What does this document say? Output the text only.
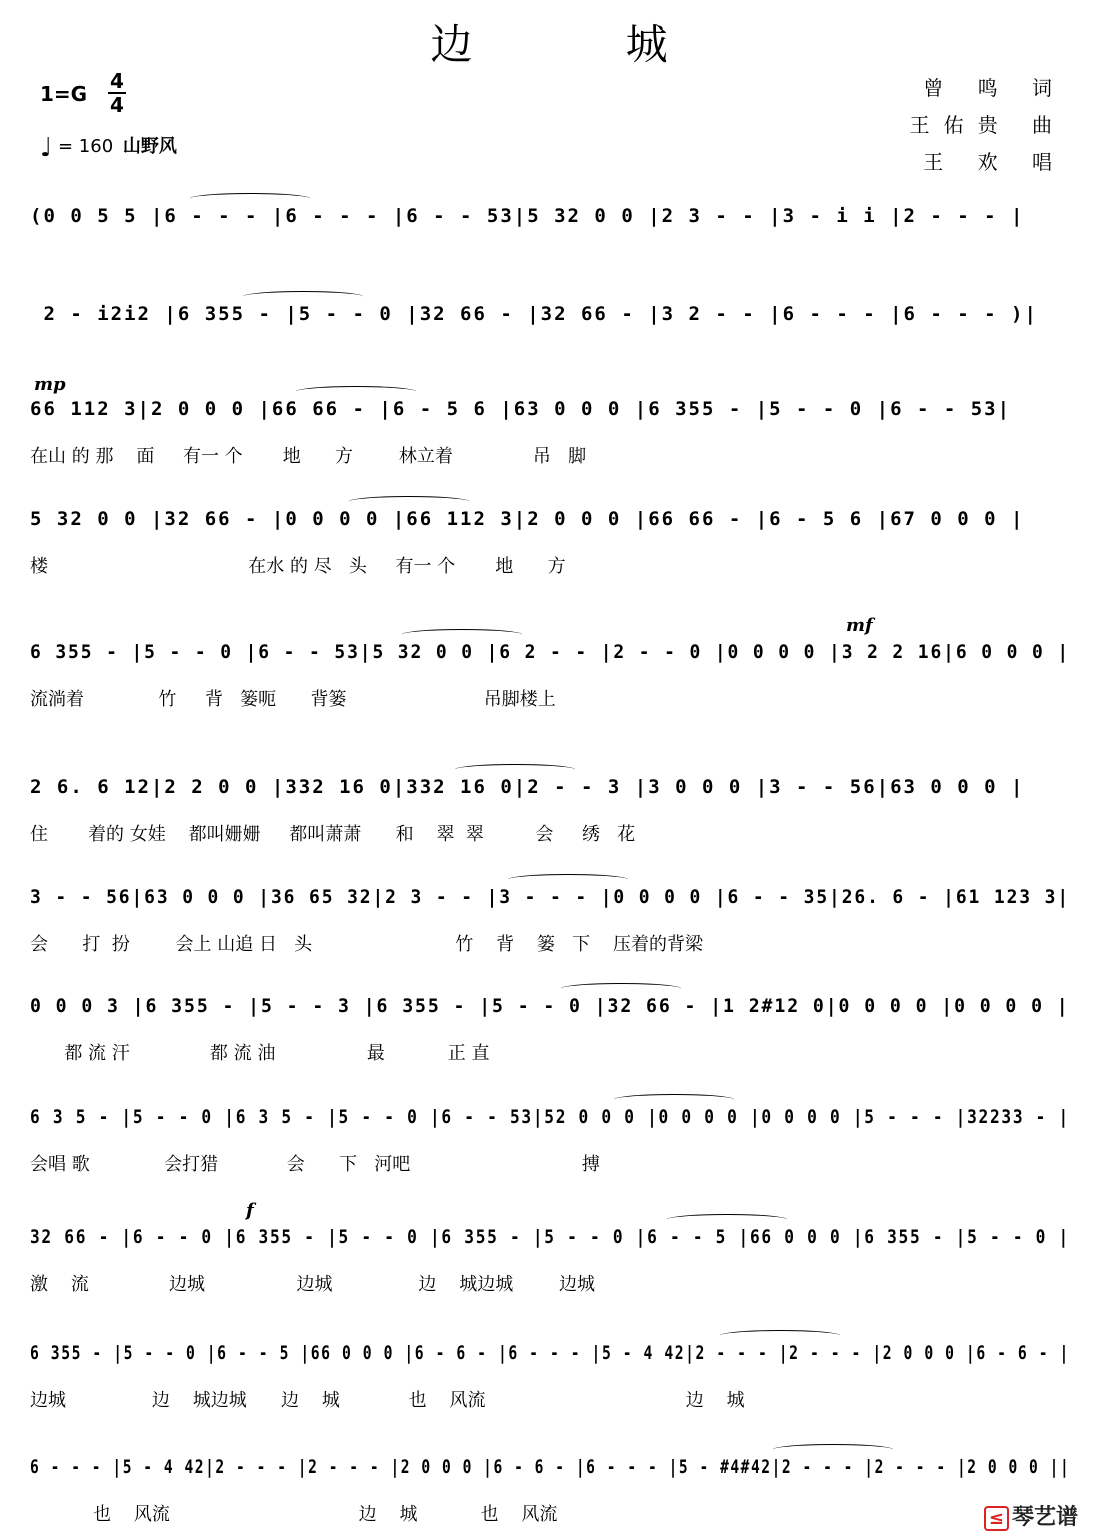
边 城
1=G
4
4
♩ = 160 山野风
曾 鸣 词
王佑贵 曲
王 欢 唱
(0 0 5 5 |6 - - - |6 - - - |6 - - 53|5 32 0 0 |2 3 - - |3 - i i |2 - - - |
2 - i2i2 |6 355 - |5 - - 0 |32 66 - |32 66 - |3 2 - - |6 - - - |6 - - - )|
66 112 3|2 0 0 0 |66 66 - |6 - 5 6 |63 0 0 0 |6 355 - |5 - - 0 |6 - - 53|
在山 的 那    面     有一 个       地      方        林立着              吊   脚
mp
5 32 0 0 |32 66 - |0 0 0 0 |66 112 3|2 0 0 0 |66 66 - |6 - 5 6 |67 0 0 0 |
楼                                   在水 的 尽   头     有一 个       地      方
6 355 - |5 - - 0 |6 - - 53|5 32 0 0 |6 2 - - |2 - - 0 |0 0 0 0 |3 2 2 16|6 0 0 0 |
流淌着             竹     背   篓呃      背篓                        吊脚楼上
mf
2 6. 6 12|2 2 0 0 |332 16 0|332 16 0|2 - - 3 |3 0 0 0 |3 - - 56|63 0 0 0 |
住       着的 女娃    都叫姗姗     都叫萧萧      和    翠  翠         会     绣   花
3 - - 56|63 0 0 0 |36 65 32|2 3 - - |3 - - - |0 0 0 0 |6 - - 35|26. 6 - |61 123 3|
会      打  扮        会上 山追 日   头                         竹    背    篓   下    压着的背梁
0 0 0 3 |6 355 - |5 - - 3 |6 355 - |5 - - 0 |32 66 - |1 2#12 0|0 0 0 0 |0 0 0 0 |
都 流 汗              都 流 油                最           正 直
6 3 5 - |5 - - 0 |6 3 5 - |5 - - 0 |6 - - 53|52 0 0 0 |0 0 0 0 |0 0 0 0 |5 - - - |32233 - |
会唱 歌             会打猎            会      下   河吧                              搏
32 66 - |6 - - 0 |6 355 - |5 - - 0 |6 355 - |5 - - 0 |6 - - 5 |66 0 0 0 |6 355 - |5 - - 0 |
激    流              边城                边城               边    城边城        边城
f
6 355 - |5 - - 0 |6 - - 5 |66 0 0 0 |6 - 6 - |6 - - - |5 - 4 42|2 - - - |2 - - - |2 0 0 0 |6 - 6 - |
边城               边    城边城      边    城            也    风流                                   边    城
6 - - - |5 - 4 42|2 - - - |2 - - - |2 0 0 0 |6 - 6 - |6 - - - |5 - #4#42|2 - - - |2 - - - |2 0 0 0 ||
也    风流                                 边    城           也    风流	≤ 琴艺谱
